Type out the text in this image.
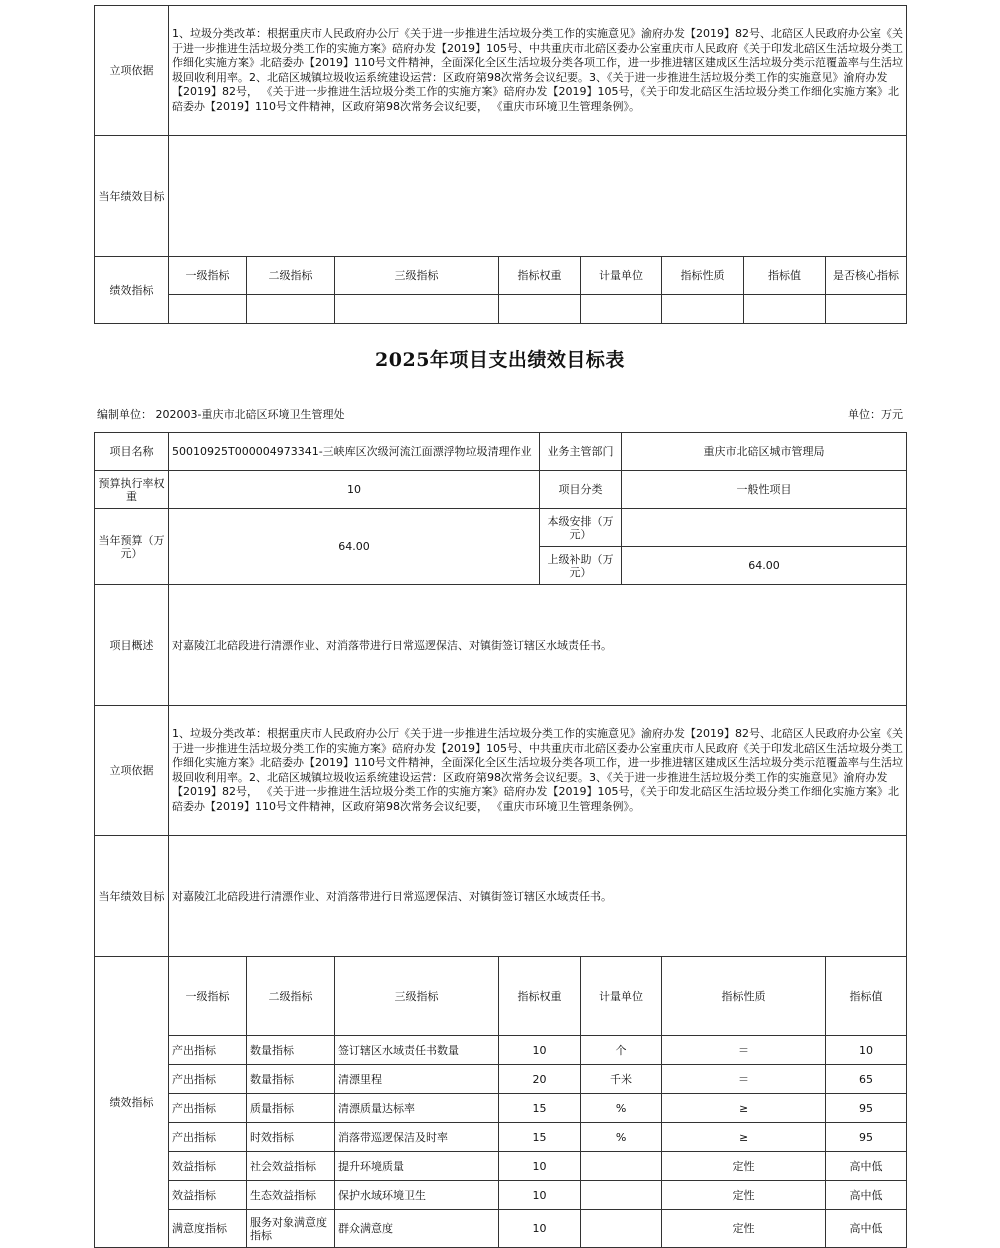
立项依据	1、垃圾分类改革：根据重庆市人民政府办公厅《关于进一步推进生活垃圾分类工作的实施意见》渝府办发【2019】82号、北碚区人民政府办公室《关于进一步推进生活垃圾分类工作的实施方案》碚府办发【2019】105号、中共重庆市北碚区委办公室重庆市人民政府《关于印发北碚区生活垃圾分类工作细化实施方案》北碚委办【2019】110号文件精神，全面深化全区生活垃圾分类各项工作，进一步推进辖区建成区生活垃圾分类示范覆盖率与生活垃圾回收利用率。2、北碚区城镇垃圾收运系统建设运营：区政府第98次常务会议纪要。3、《关于进一步推进生活垃圾分类工作的实施意见》渝府办发【2019】82号， 《关于进一步推进生活垃圾分类工作的实施方案》碚府办发【2019】105号，《关于印发北碚区生活垃圾分类工作细化实施方案》北碚委办【2019】110号文件精神，区政府第98次常务会议纪要， 《重庆市环境卫生管理条例》。							
当年绩效目标								
绩效指标	一级指标	二级指标	三级指标	指标权重	计量单位	指标性质	指标值	是否核心指标

2025年项目支出绩效目标表
编制单位： 202003-重庆市北碚区环境卫生管理处	单位：万元
项目名称	50010925T000004973341-三峡库区次级河流江面漂浮物垃圾清理作业				业务主管部门		重庆市北碚区城市管理局			
预算执行率权重	10				项目分类		一般性项目			
当年预算（万元）	64.00				本级安排（万元）					
					上级补助（万元）		64.00			
项目概述	对嘉陵江北碚段进行清漂作业、对消落带进行日常巡逻保洁、对镇街签订辖区水域责任书。									
立项依据	1、垃圾分类改革：根据重庆市人民政府办公厅《关于进一步推进生活垃圾分类工作的实施意见》渝府办发【2019】82号、北碚区人民政府办公室《关于进一步推进生活垃圾分类工作的实施方案》碚府办发【2019】105号、中共重庆市北碚区委办公室重庆市人民政府《关于印发北碚区生活垃圾分类工作细化实施方案》北碚委办【2019】110号文件精神，全面深化全区生活垃圾分类各项工作，进一步推进辖区建成区生活垃圾分类示范覆盖率与生活垃圾回收利用率。2、北碚区城镇垃圾收运系统建设运营：区政府第98次常务会议纪要。3、《关于进一步推进生活垃圾分类工作的实施意见》渝府办发【2019】82号， 《关于进一步推进生活垃圾分类工作的实施方案》碚府办发【2019】105号，《关于印发北碚区生活垃圾分类工作细化实施方案》北碚委办【2019】110号文件精神，区政府第98次常务会议纪要， 《重庆市环境卫生管理条例》。									
当年绩效目标	对嘉陵江北碚段进行清漂作业、对消落带进行日常巡逻保洁、对镇街签订辖区水域责任书。									
绩效指标	一级指标	二级指标	三级指标	指标权重		计量单位		指标性质	指标值	
	产出指标	数量指标	签订辖区水域责任书数量	10		个		＝	10	
	产出指标	数量指标	清漂里程	20		千米		＝	65	
	产出指标	质量指标	清漂质量达标率	15		%		≥	95	
	产出指标	时效指标	消落带巡逻保洁及时率	15		%		≥	95	
	效益指标	社会效益指标	提升环境质量	10				定性	高中低	
	效益指标	生态效益指标	保护水域环境卫生	10				定性	高中低	
	满意度指标	服务对象满意度指标	群众满意度	10				定性	高中低	
